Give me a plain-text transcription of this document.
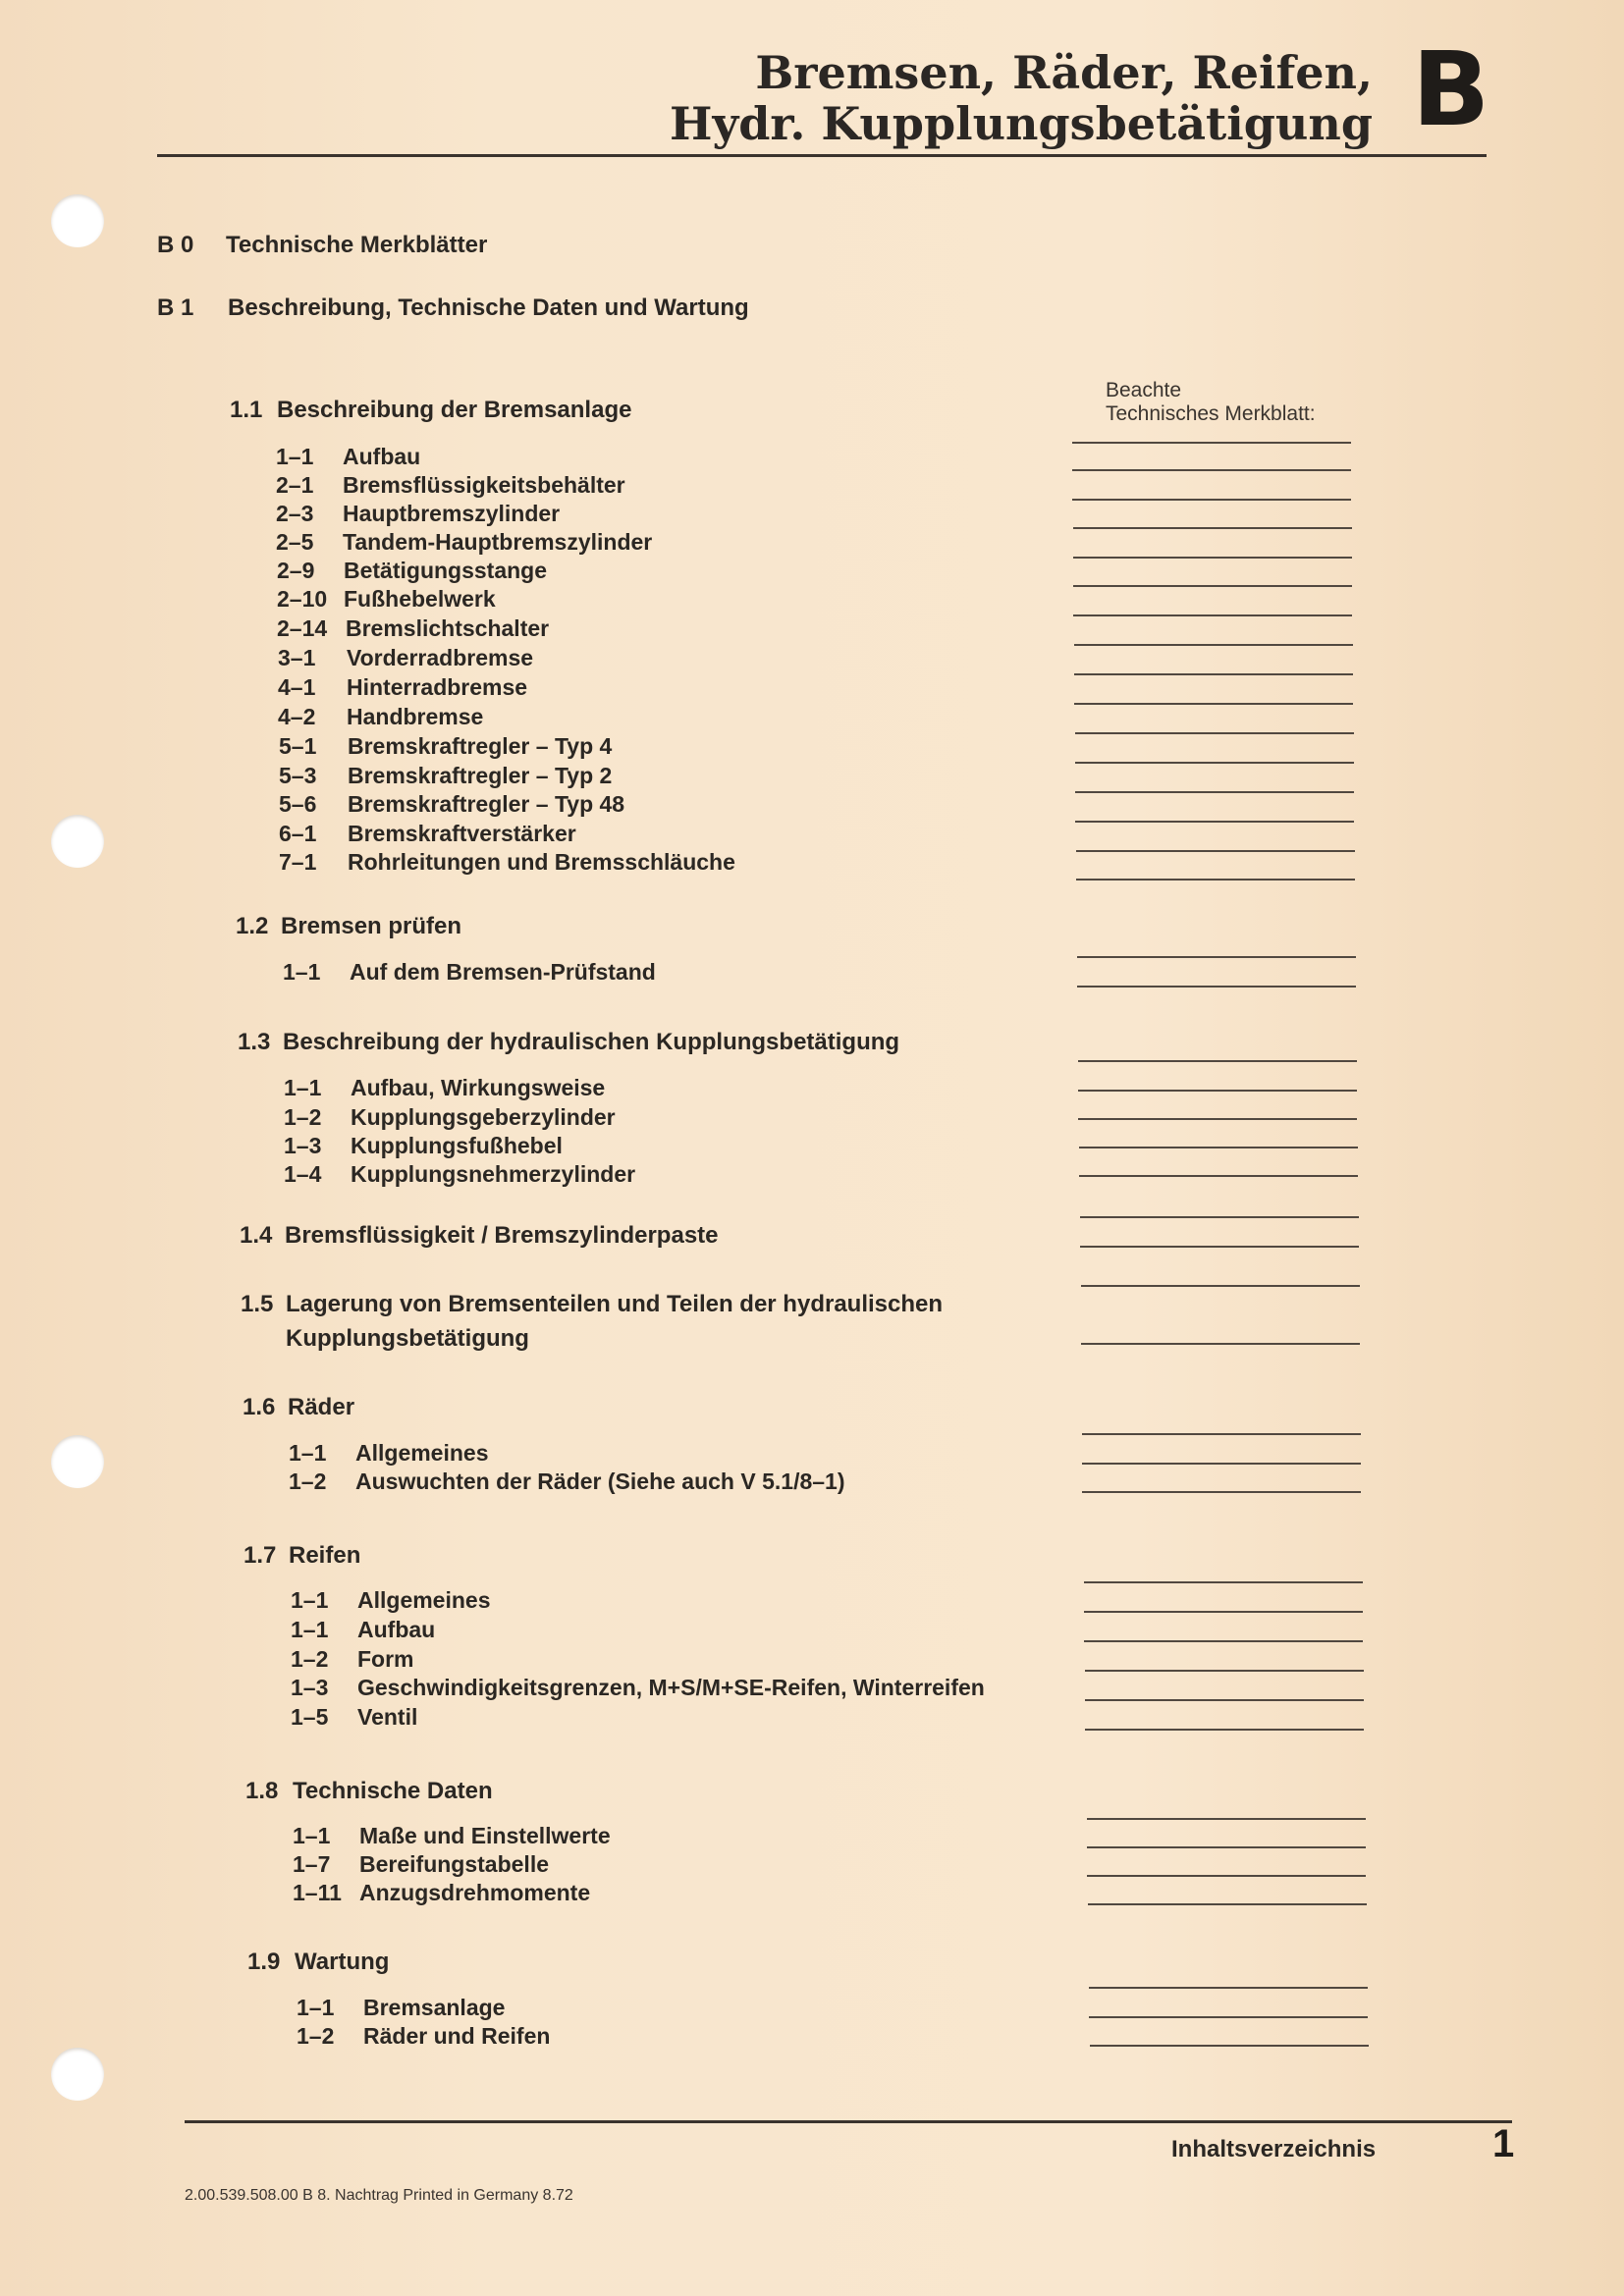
Bremsen, Räder, Reifen,
Hydr. Kupplungsbetätigung B
B 0 Technische Merkblätter
B 1 Beschreibung, Technische Daten und Wartung
Beachte
Technisches Merkblatt:
1.1 Beschreibung der Bremsanlage
1–1 Aufbau
2–1 Bremsflüssigkeitsbehälter
2–3 Hauptbremszylinder
2–5 Tandem-Hauptbremszylinder
2–9 Betätigungsstange
2–10 Fußhebelwerk
2–14 Bremslichtschalter
3–1 Vorderradbremse
4–1 Hinterradbremse
4–2 Handbremse
5–1 Bremskraftregler – Typ 4
5–3 Bremskraftregler – Typ 2
5–6 Bremskraftregler – Typ 48
6–1 Bremskraftverstärker
7–1 Rohrleitungen und Bremsschläuche
1.2 Bremsen prüfen
1–1 Auf dem Bremsen-Prüfstand
1.3 Beschreibung der hydraulischen Kupplungsbetätigung
1–1 Aufbau, Wirkungsweise
1–2 Kupplungsgeberzylinder
1–3 Kupplungsfußhebel
1–4 Kupplungsnehmerzylinder
1.4 Bremsflüssigkeit / Bremszylinderpaste
1.5 Lagerung von Bremsenteilen und Teilen der hydraulischen
Kupplungsbetätigung
1.6 Räder
1–1 Allgemeines
1–2 Auswuchten der Räder (Siehe auch V 5.1/8–1)
1.7 Reifen
1–1 Allgemeines
1–1 Aufbau
1–2 Form
1–3 Geschwindigkeitsgrenzen, M+S/M+SE-Reifen, Winterreifen
1–5 Ventil
1.8 Technische Daten
1–1 Maße und Einstellwerte
1–7 Bereifungstabelle
1–11 Anzugsdrehmomente
1.9 Wartung
1–1 Bremsanlage
1–2 Räder und Reifen
Inhaltsverzeichnis	1
2.00.539.508.00 B 8. Nachtrag Printed in Germany 8.72
